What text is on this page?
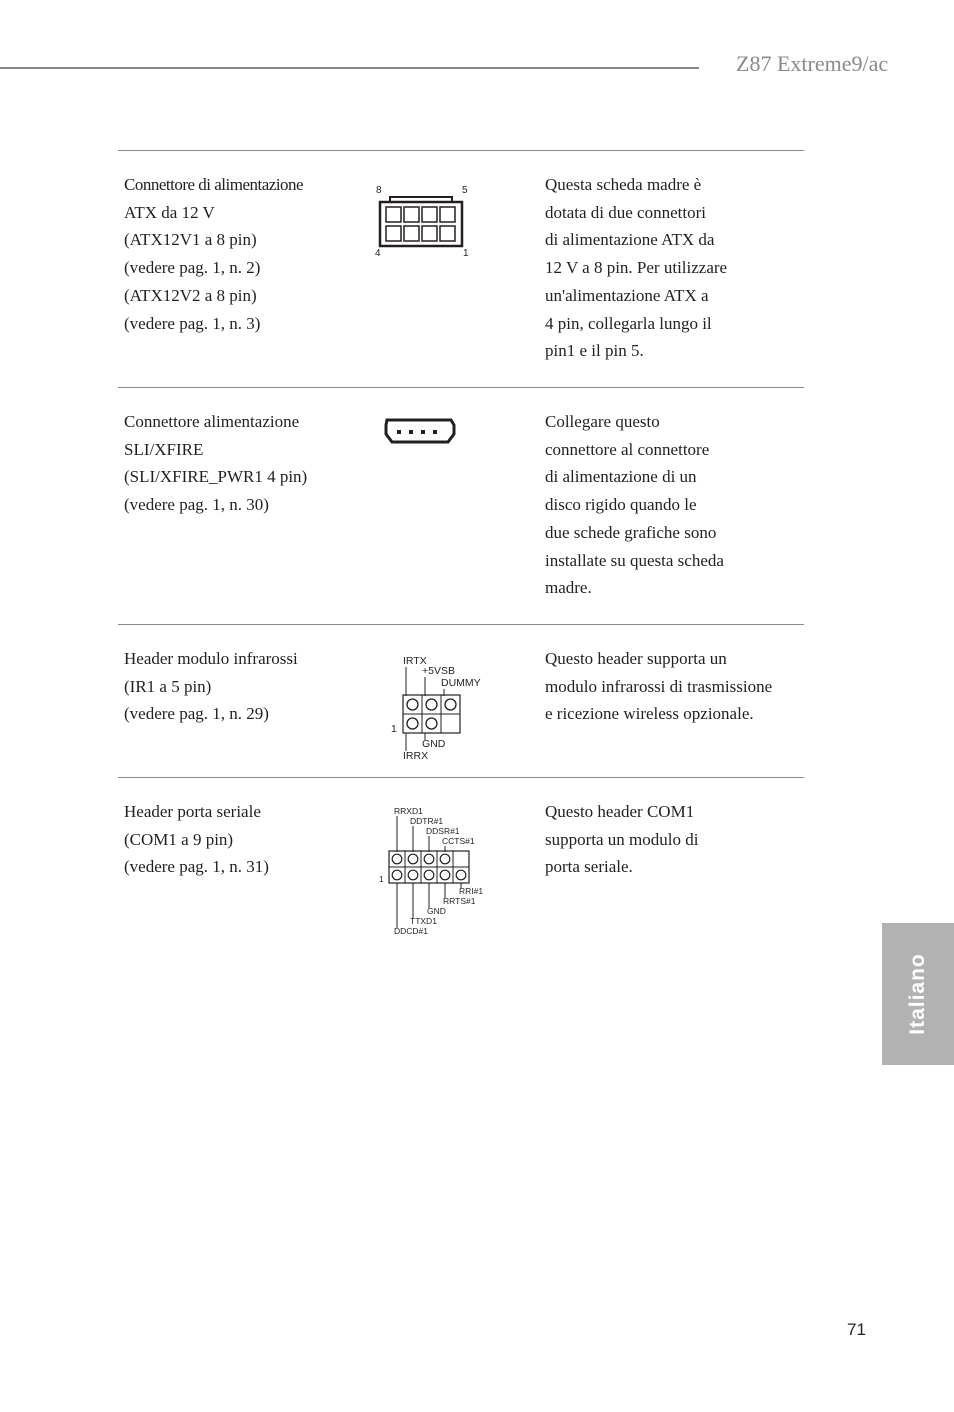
Z87 Extreme9/ac
Connettore di alimentazione
ATX da 12 V
(ATX12V1 a 8 pin)
(vedere pag. 1, n. 2)
(ATX12V2 a 8 pin)
(vedere pag. 1, n. 3)
8	5
4	1
Questa scheda madre è
dotata di due connettori
di alimentazione ATX da
12 V a 8 pin. Per utilizzare
un'alimentazione ATX a
4 pin, collegarla lungo il
pin1 e il pin 5.
Connettore alimentazione
SLI/XFIRE
(SLI/XFIRE_PWR1 4 pin)
(vedere pag. 1, n. 30)
Collegare questo
connettore al connettore
di alimentazione di un
disco rigido quando le
due schede grafiche sono
installate su questa scheda
madre.
Header modulo infrarossi
(IR1 a 5 pin)
(vedere pag. 1, n. 29)
IRTX
+5VSB
DUMMY
1
GND
IRRX
Questo header supporta un
modulo infrarossi di trasmissione
e ricezione wireless opzionale.
Header porta seriale
(COM1 a 9 pin)
(vedere pag. 1, n. 31)
RRXD1
DDTR#1
DDSR#1
CCTS#1
1
RRI#1
RRTS#1
GND
TTXD1
DDCD#1
Questo header COM1
supporta un modulo di
porta seriale.
Italiano
71
